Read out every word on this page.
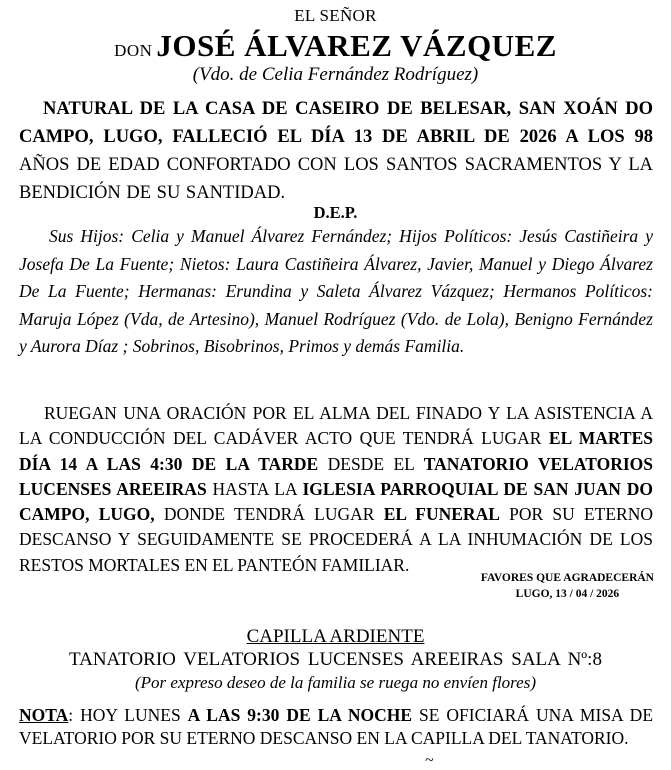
EL SEÑOR
DON JOSÉ ÁLVAREZ VÁZQUEZ
(Vdo. de Celia Fernández Rodríguez)
NATURAL DE LA CASA DE CASEIRO DE BELESAR, SAN XOÁN DO CAMPO, LUGO, FALLECIÓ EL DÍA 13 DE ABRIL DE 2026 A LOS 98 AÑOS DE EDAD CONFORTADO CON LOS SANTOS SACRAMENTOS Y LA BENDICIÓN DE SU SANTIDAD.
D.E.P.
Sus Hijos: Celia y Manuel Álvarez Fernández; Hijos Políticos: Jesús Castiñeira y Josefa De La Fuente; Nietos: Laura Castiñeira Álvarez, Javier, Manuel y Diego Álvarez De La Fuente; Hermanas: Erundina y Saleta Álvarez Vázquez; Hermanos Políticos: Maruja López (Vda, de Artesino), Manuel Rodríguez (Vdo. de Lola), Benigno Fernández y Aurora Díaz ; Sobrinos, Bisobrinos, Primos y demás Familia.
RUEGAN UNA ORACIÓN POR EL ALMA DEL FINADO Y LA ASISTENCIA A LA CONDUCCIÓN DEL CADÁVER ACTO QUE TENDRÁ LUGAR EL MARTES DÍA 14 A LAS 4:30 DE LA TARDE DESDE EL TANATORIO VELATORIOS LUCENSES AREEIRAS HASTA LA IGLESIA PARROQUIAL DE SAN JUAN DO CAMPO, LUGO, DONDE TENDRÁ LUGAR EL FUNERAL POR SU ETERNO DESCANSO Y SEGUIDAMENTE SE PROCEDERÁ A LA INHUMACIÓN DE LOS RESTOS MORTALES EN EL PANTEÓN FAMILIAR.
FAVORES QUE AGRADECERÁN
LUGO, 13 / 04 / 2026
CAPILLA ARDIENTE
TANATORIO VELATORIOS LUCENSES AREEIRAS SALA Nº:8
(Por expreso deseo de la familia se ruega no envíen flores)
NOTA: HOY LUNES A LAS 9:30 DE LA NOCHE SE OFICIARÁ UNA MISA DE VELATORIO POR SU ETERNO DESCANSO EN LA CAPILLA DEL TANATORIO.
~
